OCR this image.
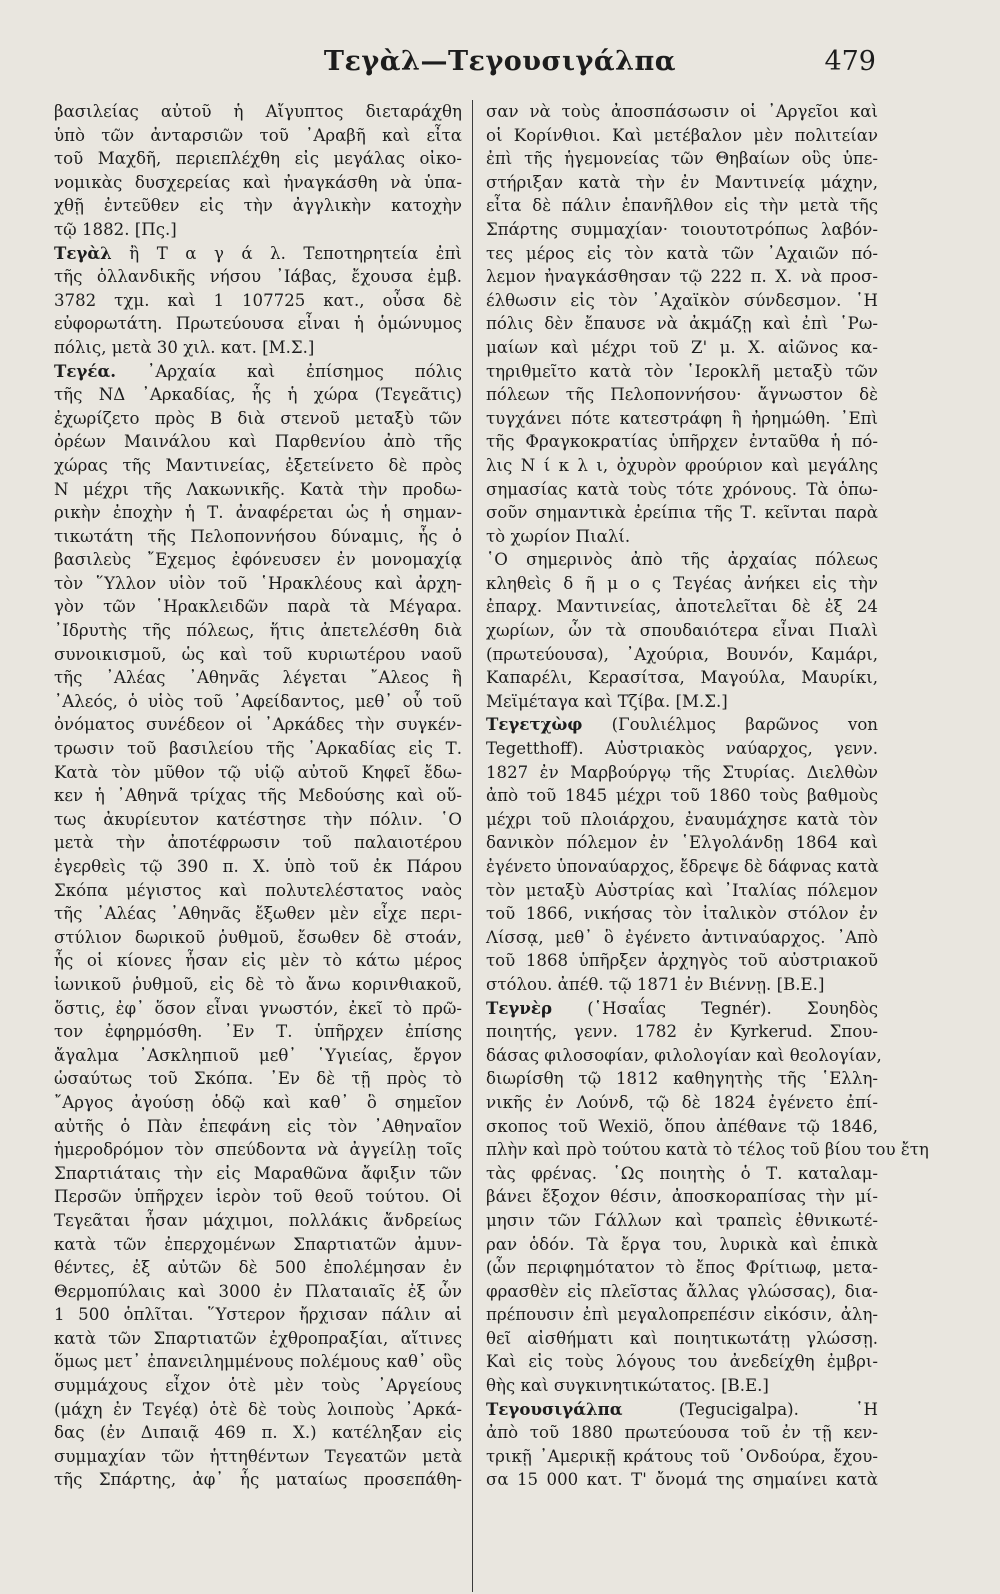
Τεγὰλ—Τεγουσιγάλπα	479
βασιλείας αὐτοῦ ἡ Αἴγυπτος διεταράχθη
ὑπὸ τῶν ἀνταρσιῶν τοῦ ᾿Αραβῆ καὶ εἶτα
τοῦ Μαχδῆ, περιεπλέχθη εἰς μεγάλας οἰκο-
νομικὰς δυσχερείας καὶ ἠναγκάσθη νὰ ὑπα-
χθῇ ἐντεῦθεν εἰς τὴν ἀγγλικὴν κατοχὴν
τῷ 1882. [Πς.]
Τεγὰλ ἢ Τ α γ ά λ. Τεποτηρητεία ἐπὶ
τῆς ὁλλανδικῆς νήσου ᾿Ιάβας, ἔχουσα ἐμβ.
3782 τχμ. καὶ 1 107725 κατ., οὖσα δὲ
εὐφορωτάτη. Πρωτεύουσα εἶναι ἡ ὁμώνυμος
πόλις, μετὰ 30 χιλ. κατ. [Μ.Σ.]
Τεγέα. ᾿Αρχαία καὶ ἐπίσημος πόλις
τῆς ΝΔ ᾿Αρκαδίας, ἧς ἡ χώρα (Τεγεᾶτις)
ἐχωρίζετο πρὸς Β διὰ στενοῦ μεταξὺ τῶν
ὀρέων Μαινάλου καὶ Παρθενίου ἀπὸ τῆς
χώρας τῆς Μαντινείας, ἐξετείνετο δὲ πρὸς
Ν μέχρι τῆς Λακωνικῆς. Κατὰ τὴν προδω-
ρικὴν ἐποχὴν ἡ Τ. ἀναφέρεται ὡς ἡ σημαν-
τικωτάτη τῆς Πελοποννήσου δύναμις, ἧς ὁ
βασιλεὺς ῎Εχεμος ἐφόνευσεν ἐν μονομαχίᾳ
τὸν ῞Υλλον υἱὸν τοῦ ῾Ηρακλέους καὶ ἀρχη-
γὸν τῶν ῾Ηρακλειδῶν παρὰ τὰ Μέγαρα.
᾿Ιδρυτὴς τῆς πόλεως, ἥτις ἀπετελέσθη διὰ
συνοικισμοῦ, ὡς καὶ τοῦ κυριωτέρου ναοῦ
τῆς ᾿Αλέας ᾿Αθηνᾶς λέγεται ῎Αλεος ἢ
᾿Αλεός, ὁ υἱὸς τοῦ ᾿Αφείδαντος, μεθ᾿ οὗ τοῦ
ὀνόματος συνέδεον οἱ ᾿Αρκάδες τὴν συγκέν-
τρωσιν τοῦ βασιλείου τῆς ᾿Αρκαδίας εἰς Τ.
Κατὰ τὸν μῦθον τῷ υἱῷ αὐτοῦ Κηφεῖ ἔδω-
κεν ἡ ᾿Αθηνᾶ τρίχας τῆς Μεδούσης καὶ οὕ-
τως ἀκυρίευτον κατέστησε τὴν πόλιν. ῾Ο
μετὰ τὴν ἀποτέφρωσιν τοῦ παλαιοτέρου
ἐγερθεὶς τῷ 390 π. Χ. ὑπὸ τοῦ ἐκ Πάρου
Σκόπα μέγιστος καὶ πολυτελέστατος ναὸς
τῆς ᾿Αλέας ᾿Αθηνᾶς ἔξωθεν μὲν εἶχε περι-
στύλιον δωρικοῦ ῥυθμοῦ, ἔσωθεν δὲ στοάν,
ἧς οἱ κίονες ἦσαν εἰς μὲν τὸ κάτω μέρος
ἰωνικοῦ ῥυθμοῦ, εἰς δὲ τὸ ἄνω κορινθιακοῦ,
ὅστις, ἐφ᾿ ὅσον εἶναι γνωστόν, ἐκεῖ τὸ πρῶ-
τον ἐφηρμόσθη. ᾿Εν Τ. ὑπῆρχεν ἐπίσης
ἄγαλμα ᾿Ασκληπιοῦ μεθ᾿ ῾Υγιείας, ἔργον
ὡσαύτως τοῦ Σκόπα. ᾿Εν δὲ τῇ πρὸς τὸ
῎Αργος ἀγούσῃ ὁδῷ καὶ καθ᾿ ὃ σημεῖον
αὐτῆς ὁ Πὰν ἐπεφάνη εἰς τὸν ᾿Αθηναῖον
ἡμεροδρόμον τὸν σπεύδοντα νὰ ἀγγείλῃ τοῖς
Σπαρτιάταις τὴν εἰς Μαραθῶνα ἄφιξιν τῶν
Περσῶν ὑπῆρχεν ἱερὸν τοῦ θεοῦ τούτου. Οἱ
Τεγεᾶται ἦσαν μάχιμοι, πολλάκις ἄνδρείως
κατὰ τῶν ἐπερχομένων Σπαρτιατῶν ἀμυν-
θέντες, ἐξ αὐτῶν δὲ 500 ἐπολέμησαν ἐν
Θερμοπύλαις καὶ 3000 ἐν Πλαταιαῖς ἐξ ὧν
1 500 ὁπλῖται. ῞Υστερον ἤρχισαν πάλιν αἱ
κατὰ τῶν Σπαρτιατῶν ἐχθροπραξίαι, αἵτινες
ὅμως μετ᾿ ἐπανειλημμένους πολέμους καθ᾿ οὓς
συμμάχους εἶχον ὁτὲ μὲν τοὺς ᾿Αργείους
(μάχη ἐν Τεγέᾳ) ὁτὲ δὲ τοὺς λοιποὺς ᾿Αρκά-
δας (ἐν Διπαιᾷ 469 π. Χ.) κατέληξαν εἰς
συμμαχίαν τῶν ἡττηθέντων Τεγεατῶν μετὰ
τῆς Σπάρτης, ἀφ᾿ ἧς ματαίως προσεπάθη-
σαν νὰ τοὺς ἀποσπάσωσιν οἱ ᾿Αργεῖοι καὶ
οἱ Κορίνθιοι. Καὶ μετέβαλον μὲν πολιτείαν
ἐπὶ τῆς ἡγεμονείας τῶν Θηβαίων οὓς ὑπε-
στήριξαν κατὰ τὴν ἐν Μαντινείᾳ μάχην,
εἶτα δὲ πάλιν ἐπανῆλθον εἰς τὴν μετὰ τῆς
Σπάρτης συμμαχίαν· τοιουτοτρόπως λαβόν-
τες μέρος εἰς τὸν κατὰ τῶν ᾿Αχαιῶν πό-
λεμον ἠναγκάσθησαν τῷ 222 π. Χ. νὰ προσ-
έλθωσιν εἰς τὸν ᾿Αχαϊκὸν σύνδεσμον. ῾Η
πόλις δὲν ἔπαυσε νὰ ἀκμάζῃ καὶ ἐπὶ ῾Ρω-
μαίων καὶ μέχρι τοῦ Ζ' μ. Χ. αἰῶνος κα-
τηριθμεῖτο κατὰ τὸν ῾Ιεροκλῆ μεταξὺ τῶν
πόλεων τῆς Πελοποννήσου· ἄγνωστον δὲ
τυγχάνει πότε κατεστράφη ἢ ἠρημώθη. ᾿Επὶ
τῆς Φραγκοκρατίας ὑπῆρχεν ἐνταῦθα ἡ πό-
λις Ν ί κ λ ι, ὀχυρὸν φρούριον καὶ μεγάλης
σημασίας κατὰ τοὺς τότε χρόνους. Τὰ ὁπω-
σοῦν σημαντικὰ ἐρείπια τῆς Τ. κεῖνται παρὰ
τὸ χωρίον Πιαλί.
῾Ο σημερινὸς ἀπὸ τῆς ἀρχαίας πόλεως
κληθεὶς δ ῆ μ ο ς Τεγέας ἀνήκει εἰς τὴν
ἐπαρχ. Μαντινείας, ἀποτελεῖται δὲ ἐξ 24
χωρίων, ὧν τὰ σπουδαιότερα εἶναι Πιαλὶ
(πρωτεύουσα), ᾿Αχούρια, Βουνόν, Καμάρι,
Καπαρέλι, Κερασίτσα, Μαγούλα, Μαυρίκι,
Μεϊμέταγα καὶ Τζίβα. [Μ.Σ.]
Τεγετχὼφ (Γουλιέλμος βαρῶνος von
Tegetthoff). Αὐστριακὸς ναύαρχος, γενν.
1827 ἐν Μαρβούργῳ τῆς Στυρίας. Διελθὼν
ἀπὸ τοῦ 1845 μέχρι τοῦ 1860 τοὺς βαθμοὺς
μέχρι τοῦ πλοιάρχου, ἐναυμάχησε κατὰ τὸν
δανικὸν πόλεμον ἐν ῾Ελγολάνδῃ 1864 καὶ
ἐγένετο ὑποναύαρχος, ἔδρεψε δὲ δάφνας κατὰ
τὸν μεταξὺ Αὐστρίας καὶ ᾿Ιταλίας πόλεμον
τοῦ 1866, νικήσας τὸν ἰταλικὸν στόλον ἐν
Λίσσᾳ, μεθ᾿ ὃ ἐγένετο ἀντιναύαρχος. ᾿Απὸ
τοῦ 1868 ὑπῆρξεν ἀρχηγὸς τοῦ αὐστριακοῦ
στόλου. ἀπέθ. τῷ 1871 ἐν Βιέννῃ. [Β.Ε.]
Τεγνὲρ (῾Ησαΐας Tegnér). Σουηδὸς
ποιητής, γενν. 1782 ἐν Kyrkerud. Σπου-
δάσας φιλοσοφίαν, φιλολογίαν καὶ θεολογίαν,
διωρίσθη τῷ 1812 καθηγητὴς τῆς ῾Ελλη-
νικῆς ἐν Λούνδ, τῷ δὲ 1824 ἐγένετο ἐπί-
σκοπος τοῦ Wexiö, ὅπου ἀπέθανε τῷ 1846,
πλὴν καὶ πρὸ τούτου κατὰ τὸ τέλος τοῦ βίου του ἔτη
τὰς φρένας. ῾Ως ποιητὴς ὁ Τ. καταλαμ-
βάνει ἔξοχον θέσιν, ἀποσκοραπίσας τὴν μί-
μησιν τῶν Γάλλων καὶ τραπεὶς ἐθνικωτέ-
ραν ὁδόν. Τὰ ἔργα του, λυρικὰ καὶ ἐπικὰ
(ὧν περιφημότατον τὸ ἔπος Φρίτιωφ, μετα-
φρασθὲν εἰς πλεῖστας ἄλλας γλώσσας), δια-
πρέπουσιν ἐπὶ μεγαλοπρεπέσιν εἰκόσιν, ἀλη-
θεῖ αἰσθήματι καὶ ποιητικωτάτῃ γλώσσῃ.
Καὶ εἰς τοὺς λόγους του ἀνεδείχθη ἐμβρι-
θὴς καὶ συγκινητικώτατος. [Β.Ε.]
Τεγουσιγάλπα (Tegucigalpa). ῾Η
ἀπὸ τοῦ 1880 πρωτεύουσα τοῦ ἐν τῇ κεν-
τρικῇ ᾿Αμερικῇ κράτους τοῦ ῾Ονδούρα, ἔχου-
σα 15 000 κατ. Τ' ὄνομά της σημαίνει κατὰ
